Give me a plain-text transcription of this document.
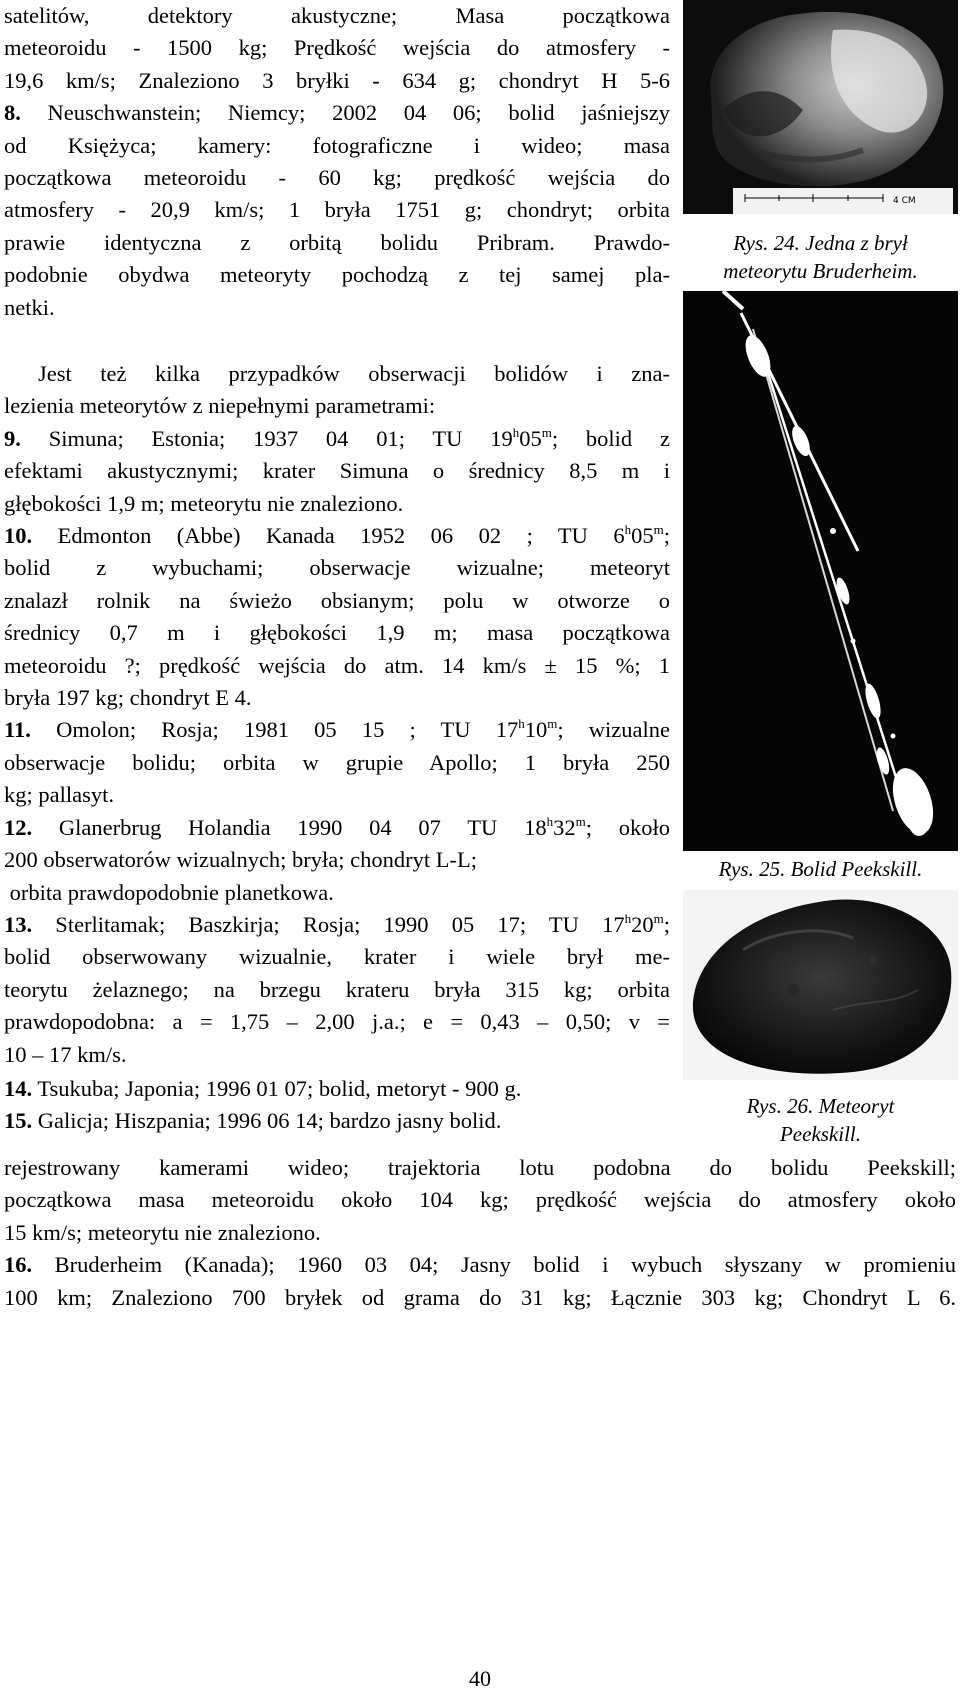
satelitów, detektory akustyczne; Masa początkowa

meteoroidu - 1500 kg; Prędkość wejścia do atmosfery -

19,6 km/s; Znaleziono 3 bryłki - 634 g; chondryt H 5-6

8. Neuschwanstein; Niemcy; 2002 04 06; bolid jaśniejszy

od Księżyca; kamery: fotograficzne i wideo; masa

początkowa meteoroidu - 60 kg; prędkość wejścia do

atmosfery - 20,9 km/s; 1 bryła 1751 g; chondryt; orbita

prawie identyczna z orbitą bolidu Pribram. Prawdo-

podobnie obydwa meteoryty pochodzą z tej samej pla-

netki.

Jest też kilka przypadków obserwacji bolidów i zna-

lezienia meteorytów z niepełnymi parametrami:

9. Simuna; Estonia; 1937 04 01; TU 19$^h$05$^m$; bolid z

efektami akustycznymi; krater Simuna o średnicy 8,5 m i

głębokości 1,9 m; meteorytu nie znaleziono.

10. Edmonton (Abbe) Kanada 1952 06 02 ; TU 6$^h$05$^m$;

bolid z wybuchami; obserwacje wizualne; meteoryt

znalazł rolnik na świeżo obsianym; polu w otworze o

średnicy 0,7 m i głębokości 1,9 m; masa początkowa

meteoroidu ?; prędkość wejścia do atm. 14 km/s ± 15 %; 1

bryła 197 kg; chondryt E 4.

11. Omolon; Rosja; 1981 05 15 ; TU 17$^h$10$^m$; wizualne

obserwacje bolidu; orbita w grupie Apollo; 1 bryła 250

kg; pallasyt.

12. Glanerbrug Holandia 1990 04 07 TU 18$^h$32$^m$; około

200 obserwatorów wizualnych; bryła; chondryt L-L;

orbita prawdopodobnie planetkowa.

13. Sterlitamak; Baszkirja; Rosja; 1990 05 17; TU 17$^h$20$^m$;

bolid obserwowany wizualnie, krater i wiele brył me-

teorytu żelaznego; na brzegu krateru bryła 315 kg; orbita

prawdopodobna: a = 1,75 – 2,00 j.a.; e = 0,43 – 0,50; v =

10 – 17 km/s.

14. Tsukuba; Japonia; 1996 01 07; bolid, metoryt - 900 g.

15. Galicja; Hiszpania; 1996 06 14; bardzo jasny bolid.

rejestrowany kamerami wideo; trajektoria lotu podobna do bolidu Peekskill;

początkowa masa meteoroidu około 104 kg; prędkość wejścia do atmosfery około

15 km/s; meteorytu nie znaleziono.

16. Bruderheim (Kanada); 1960 03 04; Jasny bolid i wybuch słyszany w promieniu

100 km; Znaleziono 700 bryłek od grama do 31 kg; Łącznie 303 kg; Chondryt L 6.

4 CM
Rys. 24. Jedna z brył
meteorytu Bruderheim.
Rys. 25. Bolid Peekskill.
Rys. 26. Meteoryt
Peekskill.
40
